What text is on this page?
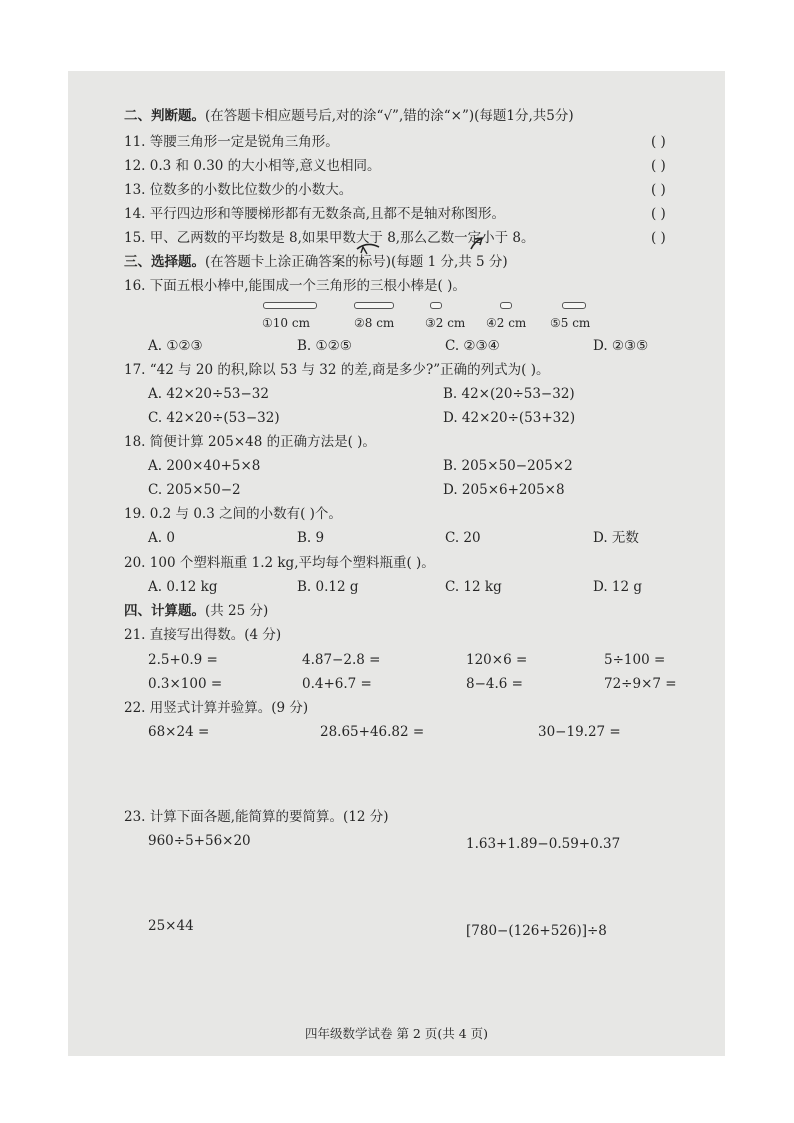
二、判断题。(在答题卡相应题号后,对的涂“√”,错的涂“×”)(每题1分,共5分)
11. 等腰三角形一定是锐角三角形。	( )
12. 0.3 和 0.30 的大小相等,意义也相同。	( )
13. 位数多的小数比位数少的小数大。	( )
14. 平行四边形和等腰梯形都有无数条高,且都不是轴对称图形。	( )
15. 甲、乙两数的平均数是 8,如果甲数大于 8,那么乙数一定小于 8。	( )
三、选择题。(在答题卡上涂正确答案的标号)(每题 1 分,共 5 分)
16. 下面五根小棒中,能围成一个三角形的三根小棒是( )。
①10 cm	②8 cm	③2 cm ④2 cm ⑤5 cm
A. ①②③	B. ①②⑤	C. ②③④	D. ②③⑤
17. “42 与 20 的积,除以 53 与 32 的差,商是多少?”正确的列式为( )。
A. 42×20÷53−32	B. 42×(20÷53−32)
C. 42×20÷(53−32)	D. 42×20÷(53+32)
18. 简便计算 205×48 的正确方法是( )。
A. 200×40+5×8	B. 205×50−205×2
C. 205×50−2	D. 205×6+205×8
19. 0.2 与 0.3 之间的小数有( )个。
A. 0	B. 9	C. 20	D. 无数
20. 100 个塑料瓶重 1.2 kg,平均每个塑料瓶重( )。
A. 0.12 kg	B. 0.12 g	C. 12 kg	D. 12 g
四、计算题。(共 25 分)
21. 直接写出得数。(4 分)
2.5+0.9 =	4.87−2.8 =	120×6 =	5÷100 =
0.3×100 =	0.4+6.7 =	8−4.6 =	72÷9×7 =
22. 用竖式计算并验算。(9 分)
68×24 =	28.65+46.82 =	30−19.27 =
23. 计算下面各题,能简算的要简算。(12 分)
960÷5+56×20	1.63+1.89−0.59+0.37
25×44	[780−(126+526)]÷8
四年级数学试卷 第 2 页(共 4 页)
